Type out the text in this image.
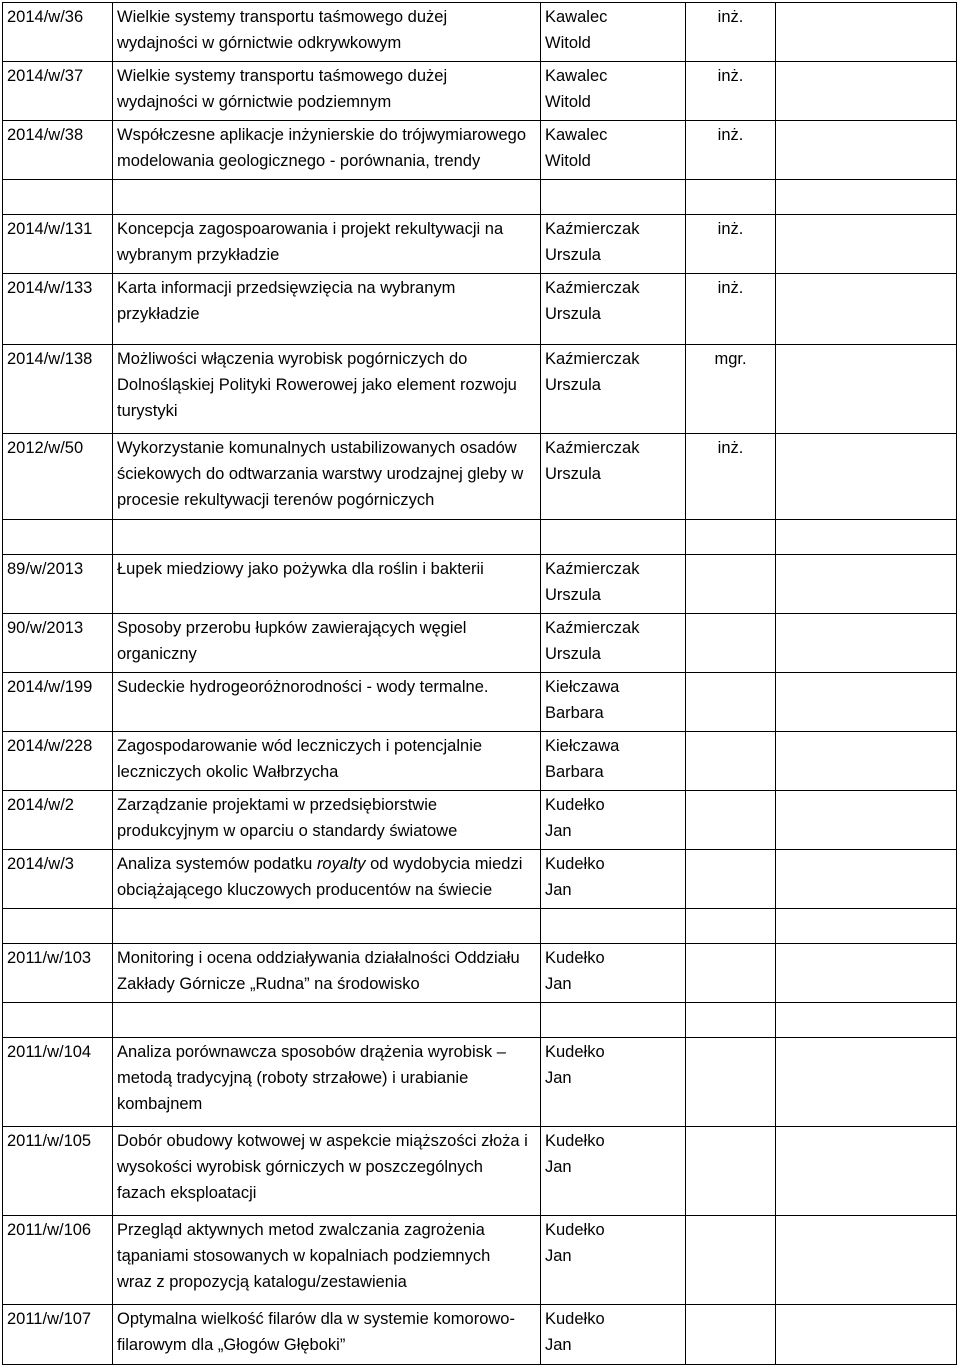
2014/w/36	Wielkie systemy transportu taśmowego dużej
wydajności w górnictwie odkrywkowym	Kawalec
Witold	inż.	
2014/w/37	Wielkie systemy transportu taśmowego dużej
wydajności w górnictwie podziemnym	Kawalec
Witold	inż.	
2014/w/38	Współczesne aplikacje inżynierskie do trójwymiarowego
modelowania geologicznego - porównania, trendy	Kawalec
Witold	inż.	

2014/w/131	Koncepcja zagospoarowania i projekt rekultywacji na
wybranym przykładzie	Kaźmierczak
Urszula	inż.	
2014/w/133	Karta informacji przedsięwzięcia na wybranym
przykładzie	Kaźmierczak
Urszula	inż.	
2014/w/138	Możliwości włączenia wyrobisk pogórniczych do
Dolnośląskiej Polityki Rowerowej jako element rozwoju
turystyki	Kaźmierczak
Urszula	mgr.	
2012/w/50	Wykorzystanie komunalnych ustabilizowanych osadów
ściekowych do odtwarzania warstwy urodzajnej gleby w
procesie rekultywacji terenów pogórniczych	Kaźmierczak
Urszula	inż.	

89/w/2013	Łupek miedziowy jako pożywka dla roślin i bakterii	Kaźmierczak
Urszula		

90/w/2013	Sposoby przerobu łupków zawierających węgiel
organiczny	Kaźmierczak
Urszula		

2014/w/199	Sudeckie hydrogeoróżnorodności - wody termalne.	Kiełczawa
Barbara		

2014/w/228	Zagospodarowanie wód leczniczych i potencjalnie
leczniczych okolic Wałbrzycha	Kiełczawa
Barbara		

2014/w/2	Zarządzanie projektami w przedsiębiorstwie
produkcyjnym w oparciu o standardy światowe	Kudełko
Jan		

2014/w/3	Analiza systemów podatku royalty od wydobycia miedzi
obciążającego kluczowych producentów na świecie	Kudełko
Jan		

2011/w/103	Monitoring i ocena oddziaływania działalności Oddziału
Zakłady Górnicze „Rudna” na środowisko	Kudełko
Jan		

2011/w/104	Analiza porównawcza sposobów drążenia wyrobisk –
metodą tradycyjną (roboty strzałowe) i urabianie
kombajnem	Kudełko
Jan		

2011/w/105	Dobór obudowy kotwowej w aspekcie miąższości złoża i
wysokości wyrobisk górniczych w poszczególnych
fazach eksploatacji	Kudełko
Jan		

2011/w/106	Przegląd aktywnych metod zwalczania zagrożenia
tąpaniami stosowanych w kopalniach podziemnych
wraz z propozycją katalogu/zestawienia	Kudełko
Jan		

2011/w/107	Optymalna wielkość filarów dla w systemie komorowo-
filarowym dla „Głogów Głęboki”	Kudełko
Jan		
